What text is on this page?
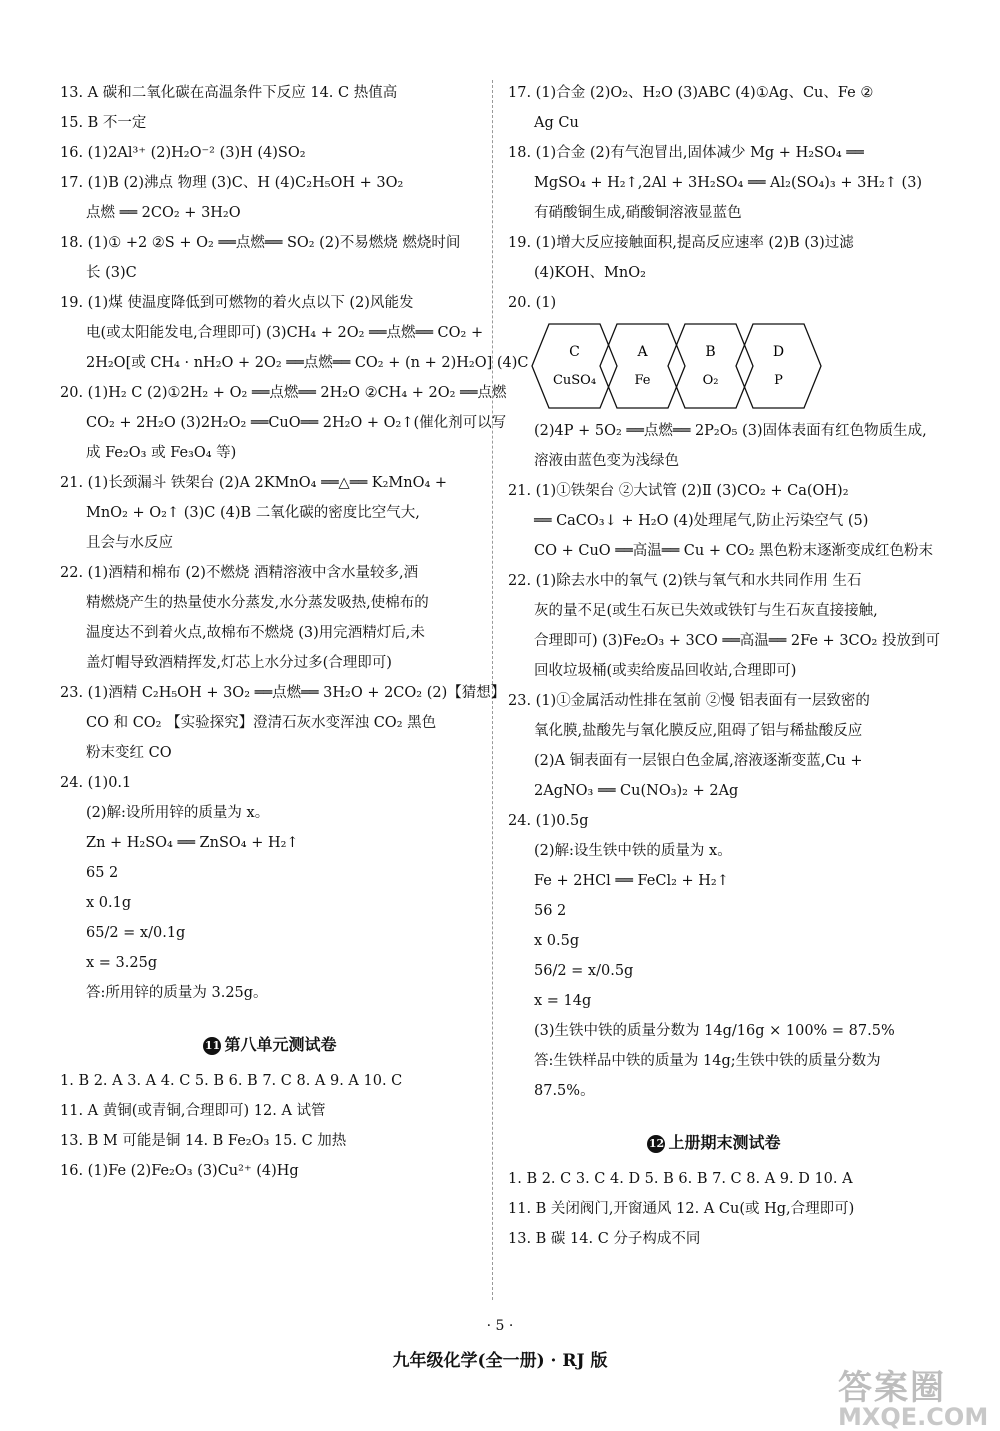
13. A 碳和二氧化碳在高温条件下反应 14. C 热值高
15. B 不一定
16. (1)2Al³⁺ (2)H₂O⁻² (3)H (4)SO₂
17. (1)B (2)沸点 物理 (3)C、H (4)C₂H₅OH + 3O₂
点燃 ══ 2CO₂ + 3H₂O
18. (1)① +2 ②S + O₂ ══点燃══ SO₂ (2)不易燃烧 燃烧时间
长 (3)C
19. (1)煤 使温度降低到可燃物的着火点以下 (2)风能发
电(或太阳能发电,合理即可) (3)CH₄ + 2O₂ ══点燃══ CO₂ +
2H₂O[或 CH₄ · nH₂O + 2O₂ ══点燃══ CO₂ + (n + 2)H₂O] (4)C
20. (1)H₂ C (2)①2H₂ + O₂ ══点燃══ 2H₂O ②CH₄ + 2O₂ ══点燃
CO₂ + 2H₂O (3)2H₂O₂ ══CuO══ 2H₂O + O₂↑(催化剂可以写
成 Fe₂O₃ 或 Fe₃O₄ 等)
21. (1)长颈漏斗 铁架台 (2)A 2KMnO₄ ══△══ K₂MnO₄ +
MnO₂ + O₂↑ (3)C (4)B 二氧化碳的密度比空气大,
且会与水反应
22. (1)酒精和棉布 (2)不燃烧 酒精溶液中含水量较多,酒
精燃烧产生的热量使水分蒸发,水分蒸发吸热,使棉布的
温度达不到着火点,故棉布不燃烧 (3)用完酒精灯后,未
盖灯帽导致酒精挥发,灯芯上水分过多(合理即可)
23. (1)酒精 C₂H₅OH + 3O₂ ══点燃══ 3H₂O + 2CO₂ (2)【猜想】
CO 和 CO₂ 【实验探究】澄清石灰水变浑浊 CO₂ 黑色
粉末变红 CO
24. (1)0.1
(2)解:设所用锌的质量为 x。
Zn + H₂SO₄ ══ ZnSO₄ + H₂↑
65 2
x 0.1g
65/2 = x/0.1g
x = 3.25g
答:所用锌的质量为 3.25g。
11 第八单元测试卷
1. B 2. A 3. A 4. C 5. B 6. B 7. C 8. A 9. A 10. C
11. A 黄铜(或青铜,合理即可) 12. A 试管
13. B M 可能是铜 14. B Fe₂O₃ 15. C 加热
16. (1)Fe (2)Fe₂O₃ (3)Cu²⁺ (4)Hg
17. (1)合金 (2)O₂、H₂O (3)ABC (4)①Ag、Cu、Fe ②
Ag Cu
18. (1)合金 (2)有气泡冒出,固体减少 Mg + H₂SO₄ ══
MgSO₄ + H₂↑,2Al + 3H₂SO₄ ══ Al₂(SO₄)₃ + 3H₂↑ (3)
有硝酸铜生成,硝酸铜溶液显蓝色
19. (1)增大反应接触面积,提高反应速率 (2)B (3)过滤
(4)KOH、MnO₂
20. (1)
C
CuSO₄
A
Fe
B
O₂
D
P
(2)4P + 5O₂ ══点燃══ 2P₂O₅ (3)固体表面有红色物质生成,
溶液由蓝色变为浅绿色
21. (1)①铁架台 ②大试管 (2)Ⅱ (3)CO₂ + Ca(OH)₂
══ CaCO₃↓ + H₂O (4)处理尾气,防止污染空气 (5)
CO + CuO ══高温══ Cu + CO₂ 黑色粉末逐渐变成红色粉末
22. (1)除去水中的氧气 (2)铁与氧气和水共同作用 生石
灰的量不足(或生石灰已失效或铁钉与生石灰直接接触,
合理即可) (3)Fe₂O₃ + 3CO ══高温══ 2Fe + 3CO₂ 投放到可
回收垃圾桶(或卖给废品回收站,合理即可)
23. (1)①金属活动性排在氢前 ②慢 铝表面有一层致密的
氧化膜,盐酸先与氧化膜反应,阻碍了铝与稀盐酸反应
(2)A 铜表面有一层银白色金属,溶液逐渐变蓝,Cu +
2AgNO₃ ══ Cu(NO₃)₂ + 2Ag
24. (1)0.5g
(2)解:设生铁中铁的质量为 x。
Fe + 2HCl ══ FeCl₂ + H₂↑
56 2
x 0.5g
56/2 = x/0.5g
x = 14g
(3)生铁中铁的质量分数为 14g/16g × 100% = 87.5%
答:生铁样品中铁的质量为 14g;生铁中铁的质量分数为
87.5%。
12 上册期末测试卷
1. B 2. C 3. C 4. D 5. B 6. B 7. C 8. A 9. D 10. A
11. B 关闭阀门,开窗通风 12. A Cu(或 Hg,合理即可)
13. B 碳 14. C 分子构成不同
· 5 ·
九年级化学(全一册) · RJ 版
答案圈
MXQE.COM
